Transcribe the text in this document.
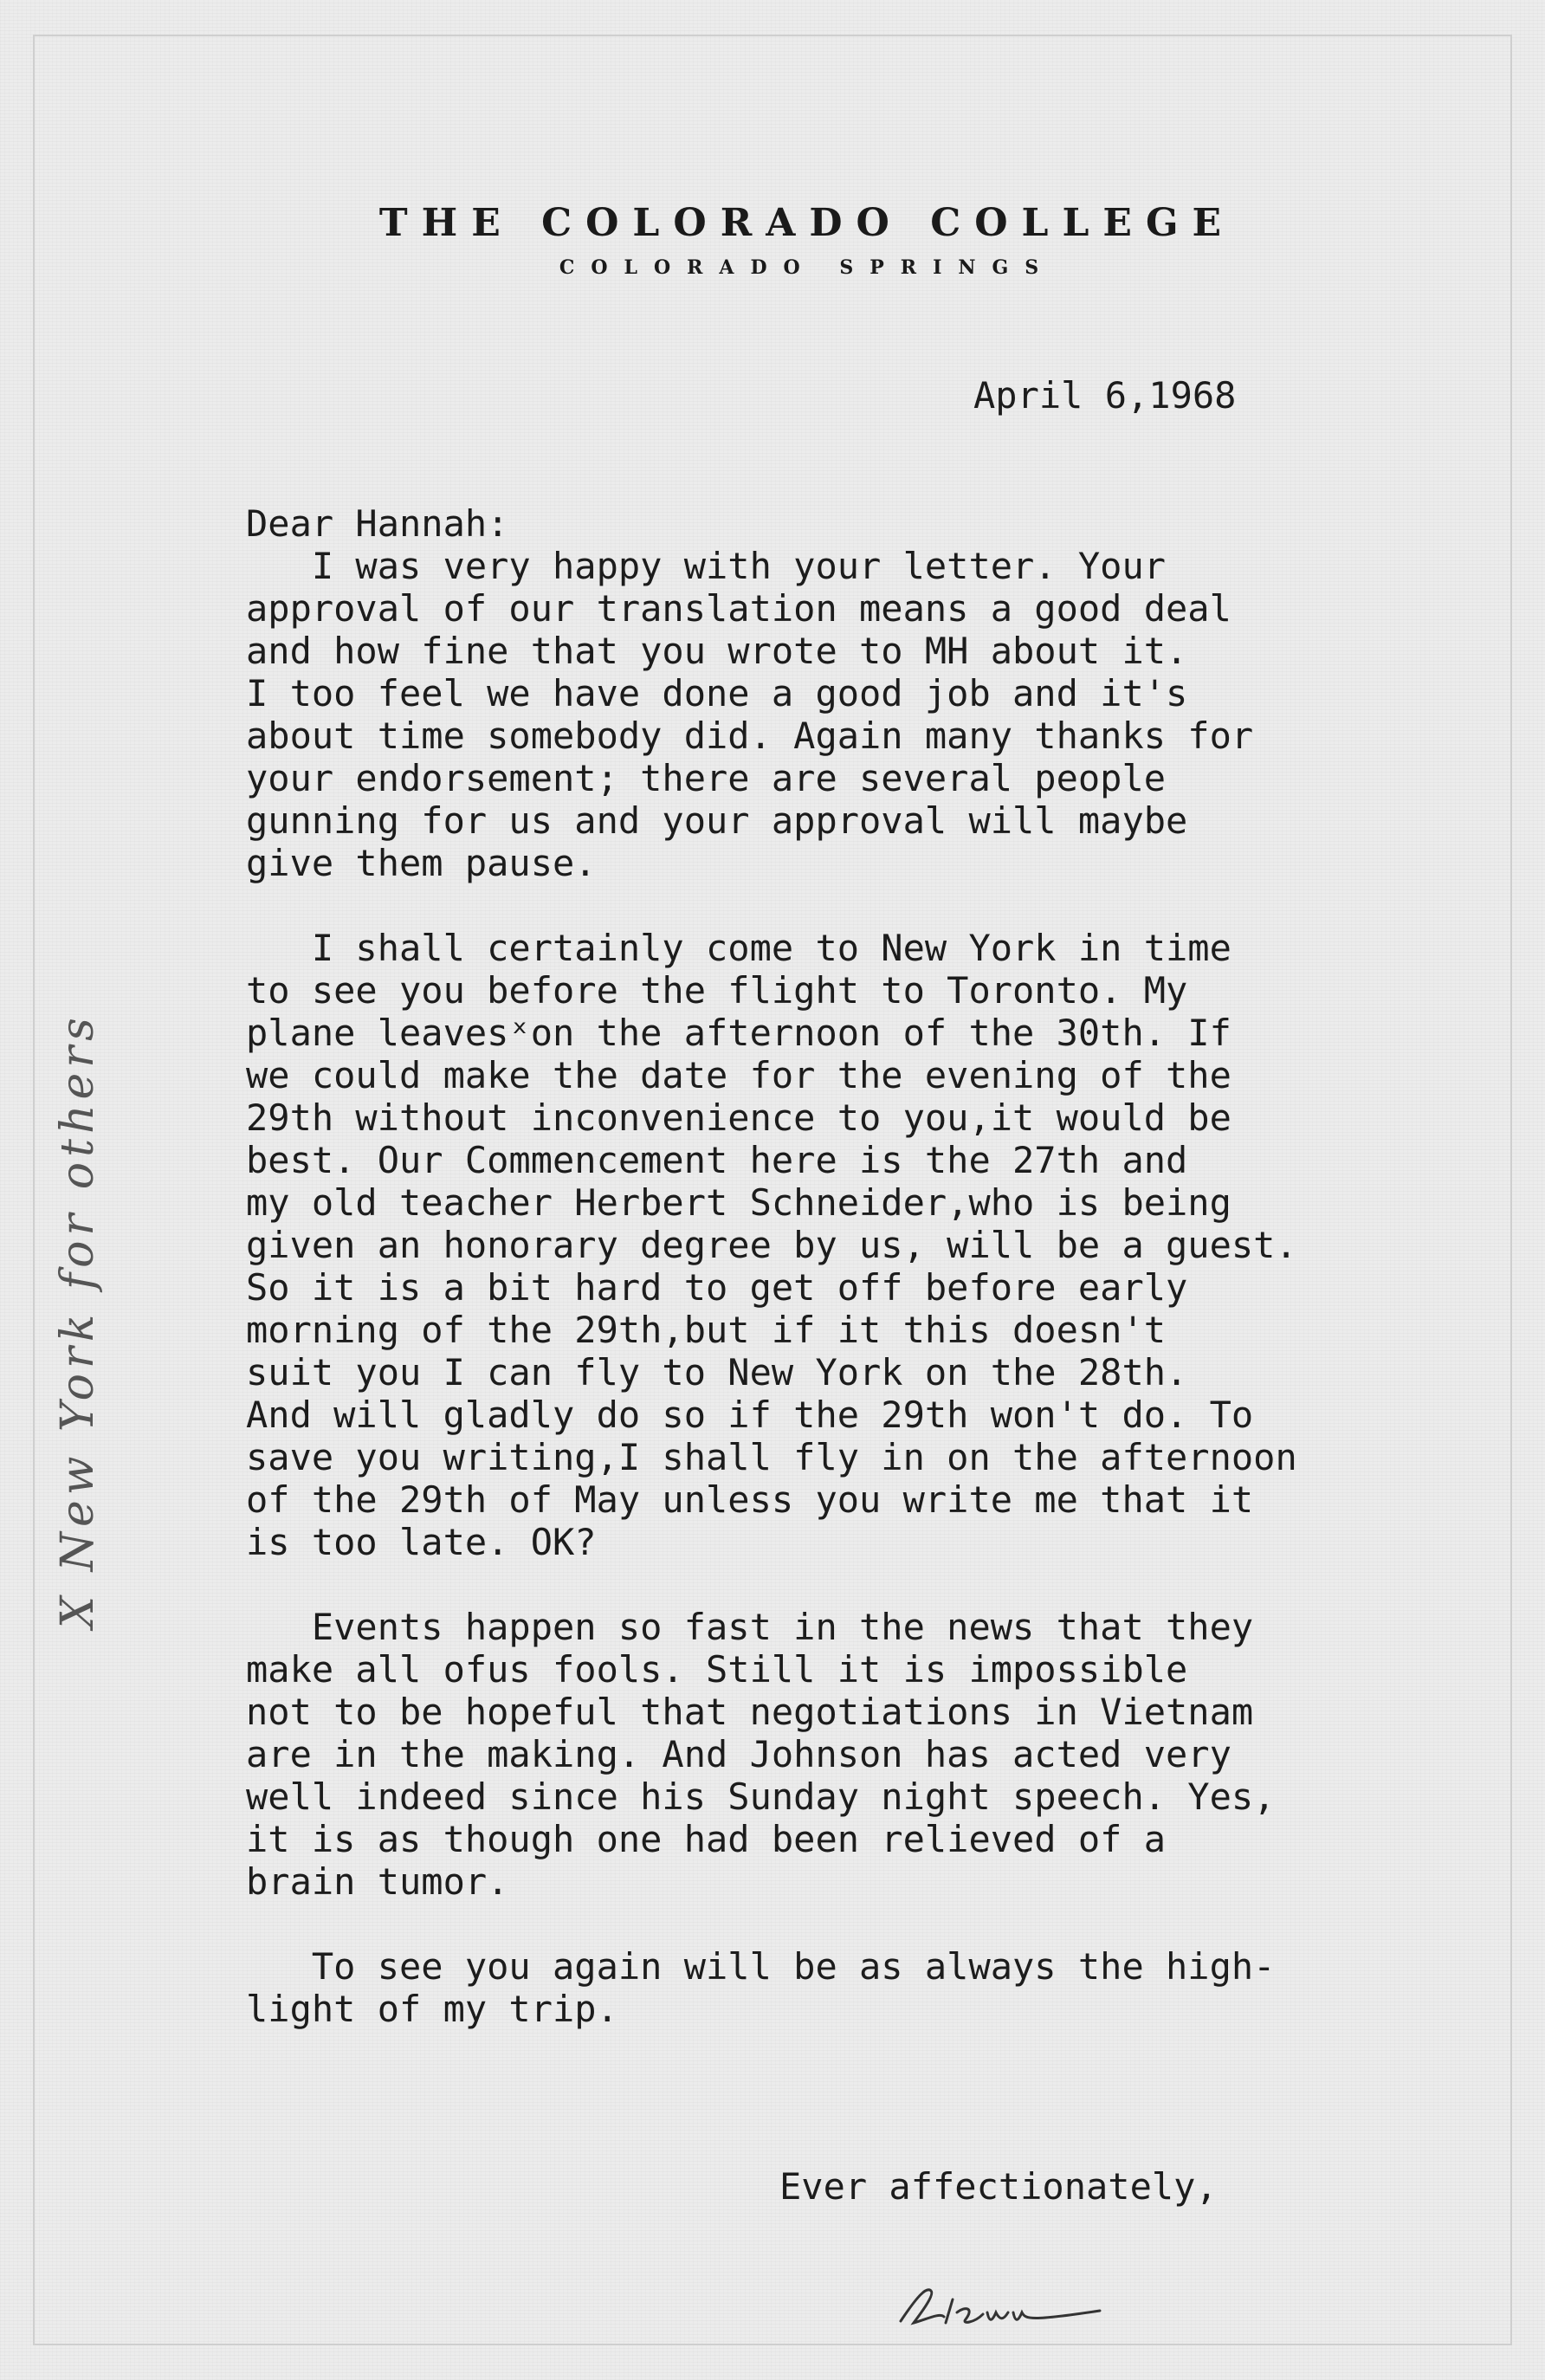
THE COLORADO COLLEGE
COLORADO SPRINGS
April 6,1968
Dear Hannah:
I was very happy with your letter. Your
approval of our translation means a good deal
and how fine that you wrote to MH about it.
I too feel we have done a good job and it's
about time somebody did. Again many thanks for
your endorsement; there are several people
gunning for us and your approval will maybe
give them pause.
I shall certainly come to New York in time
to see you before the flight to Toronto. My
plane leavesˣon the afternoon of the 30th. If
we could make the date for the evening of the
29th without inconvenience to you,it would be
best. Our Commencement here is the 27th and
my old teacher Herbert Schneider,who is being
given an honorary degree by us, will be a guest.
So it is a bit hard to get off before early
morning of the 29th,but if it this doesn't
suit you I can fly to New York on the 28th.
And will gladly do so if the 29th won't do. To
save you writing,I shall fly in on the afternoon
of the 29th of May unless you write me that it
is too late. OK?
Events happen so fast in the news that they
make all ofus fools. Still it is impossible
not to be hopeful that negotiations in Vietnam
are in the making. And Johnson has acted very
well indeed since his Sunday night speech. Yes,
it is as though one had been relieved of a
brain tumor.
To see you again will be as always the high-
light of my trip.
Ever affectionately,
X New York for others
